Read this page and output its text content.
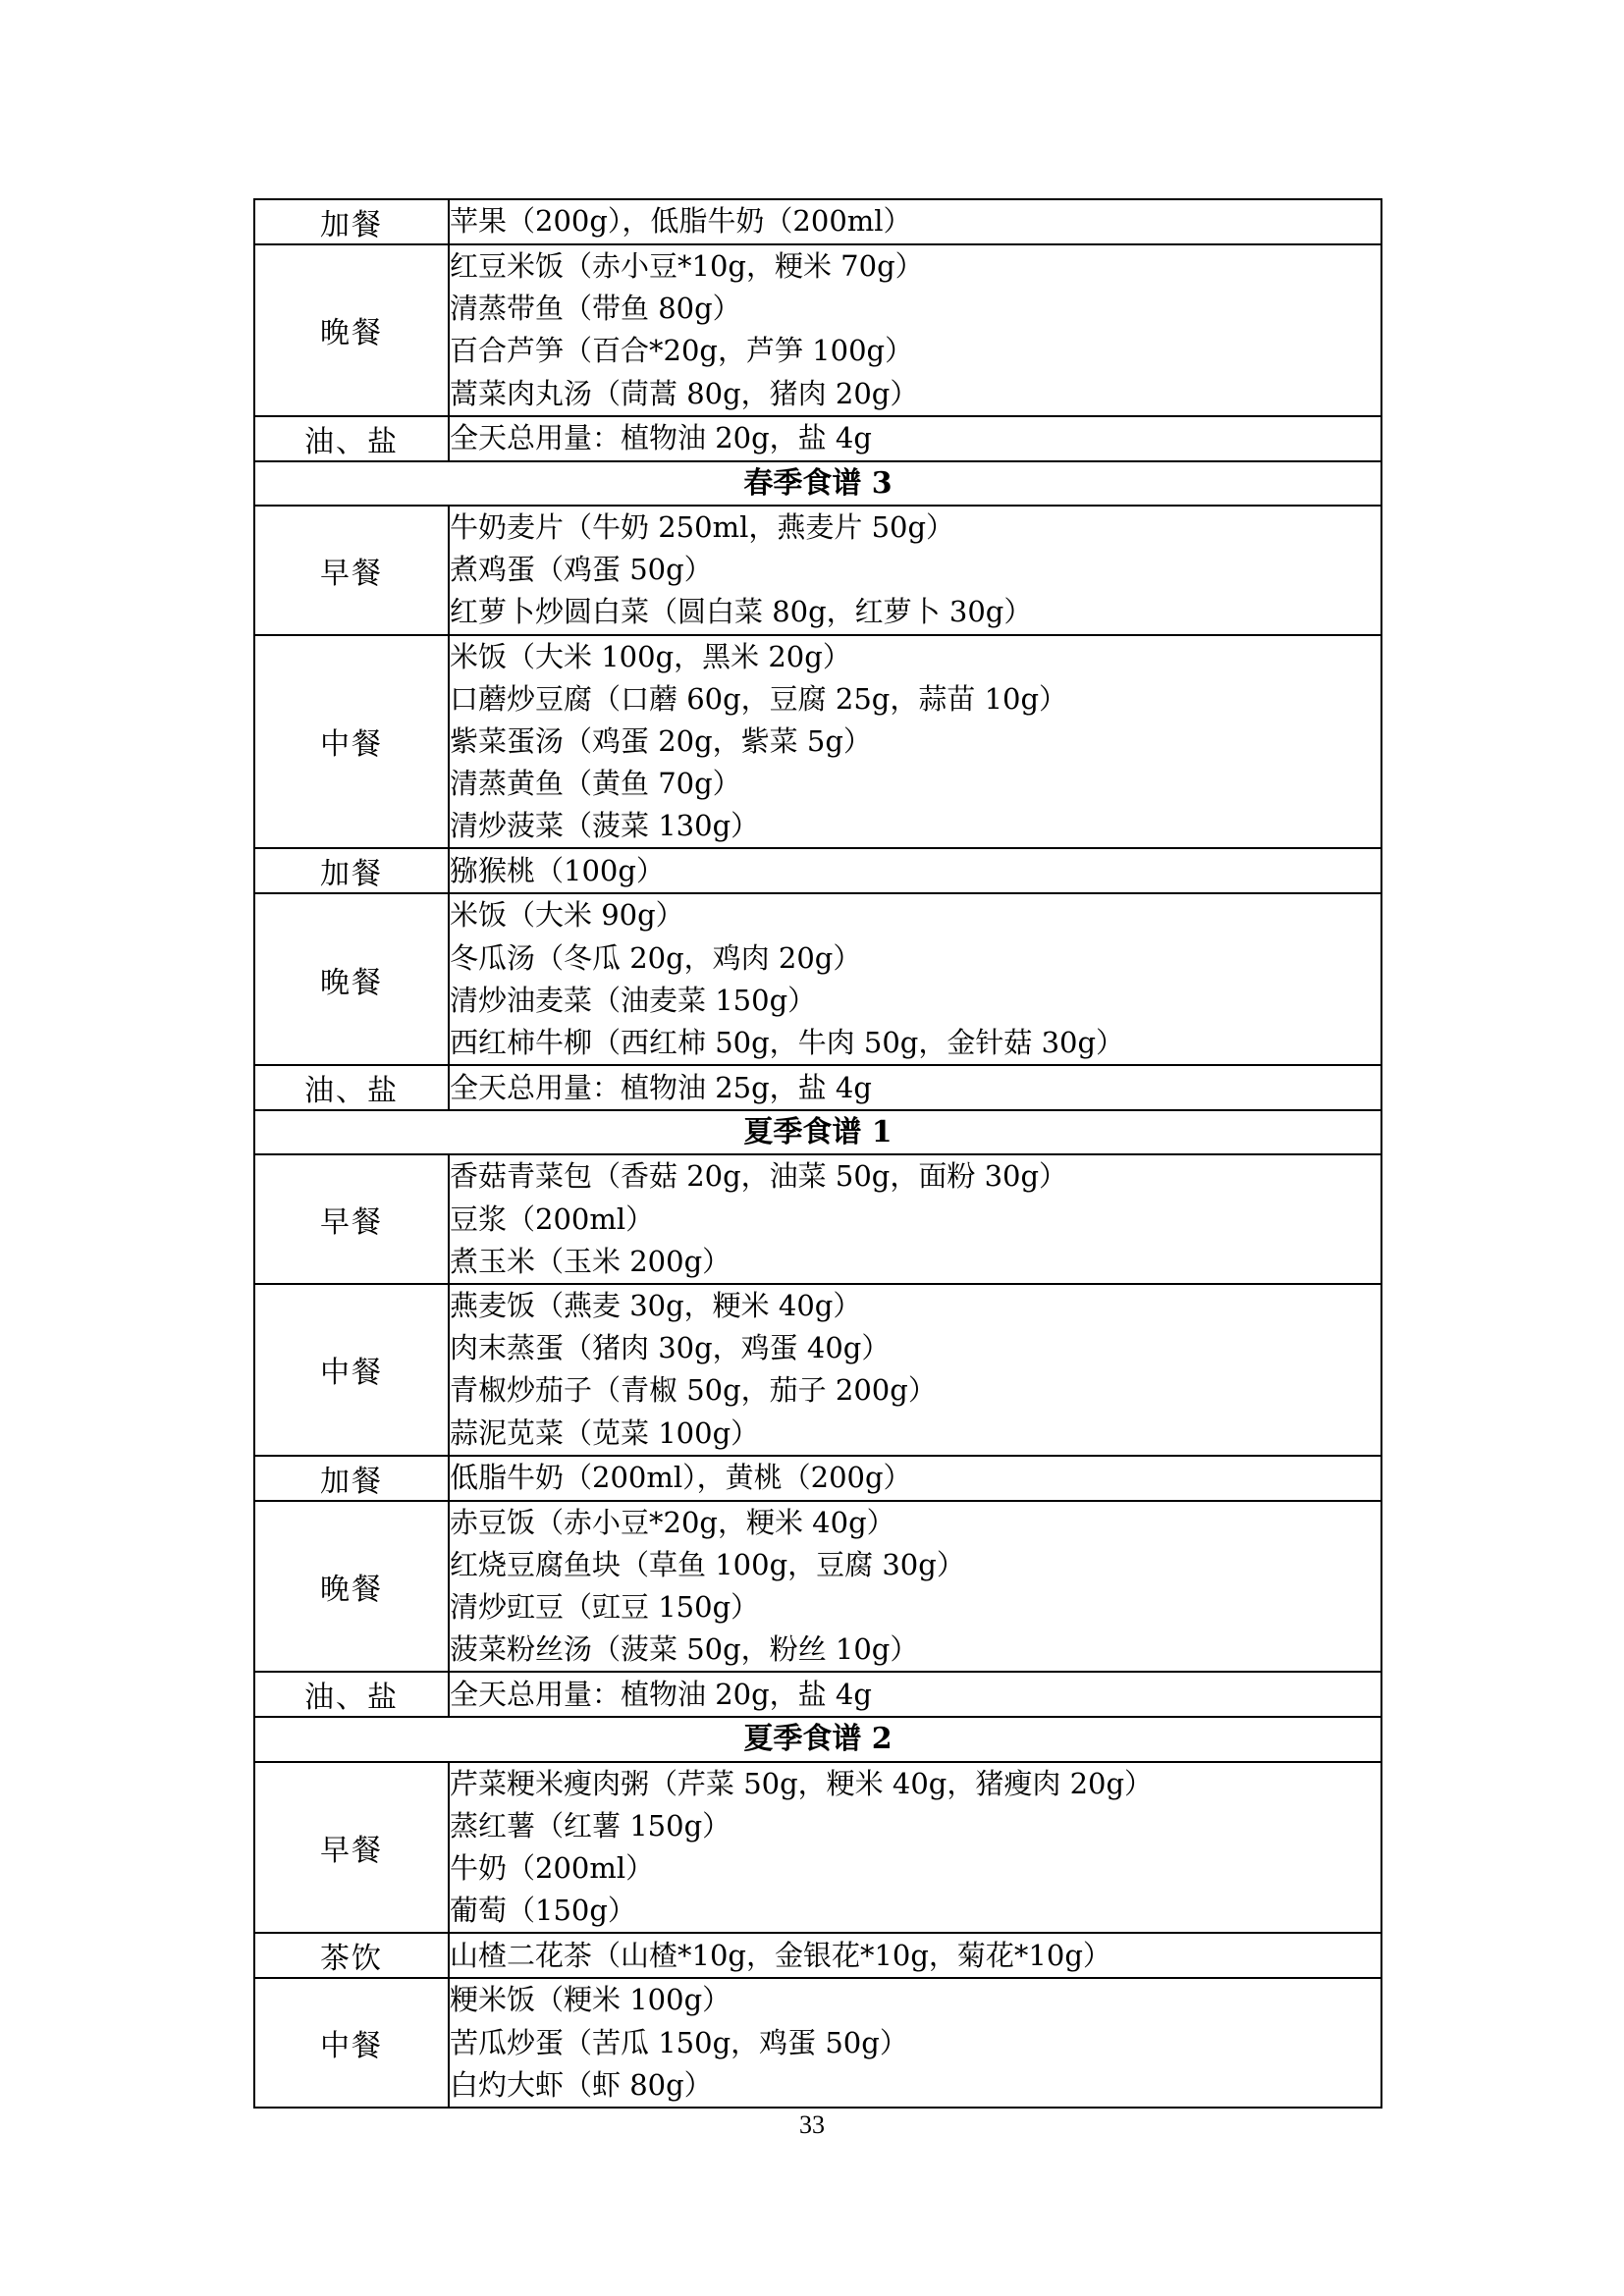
加餐	苹果（200g），低脂牛奶（200ml）

晚餐	红豆米饭（赤小豆*10g，粳米 70g）
清蒸带鱼（带鱼 80g）
百合芦笋（百合*20g，芦笋 100g）
蒿菜肉丸汤（茼蒿 80g，猪肉 20g）

油、盐	全天总用量：植物油 20g，盐 4g

春季食谱 3	
早餐	牛奶麦片（牛奶 250ml，燕麦片 50g）
煮鸡蛋（鸡蛋 50g）
红萝卜炒圆白菜（圆白菜 80g，红萝卜 30g）

中餐	米饭（大米 100g，黑米 20g）
口蘑炒豆腐（口蘑 60g，豆腐 25g，蒜苗 10g）
紫菜蛋汤（鸡蛋 20g，紫菜 5g）
清蒸黄鱼（黄鱼 70g）
清炒菠菜（菠菜 130g）

加餐	猕猴桃（100g）

晚餐	米饭（大米 90g）
冬瓜汤（冬瓜 20g，鸡肉 20g）
清炒油麦菜（油麦菜 150g）
西红柿牛柳（西红柿 50g，牛肉 50g，金针菇 30g）

油、盐	全天总用量：植物油 25g，盐 4g

夏季食谱 1	
早餐	香菇青菜包（香菇 20g，油菜 50g，面粉 30g）
豆浆（200ml）
煮玉米（玉米 200g）

中餐	燕麦饭（燕麦 30g，粳米 40g）
肉末蒸蛋（猪肉 30g，鸡蛋 40g）
青椒炒茄子（青椒 50g，茄子 200g）
蒜泥苋菜（苋菜 100g）

加餐	低脂牛奶（200ml），黄桃（200g）

晚餐	赤豆饭（赤小豆*20g，粳米 40g）
红烧豆腐鱼块（草鱼 100g，豆腐 30g）
清炒豇豆（豇豆 150g）
菠菜粉丝汤（菠菜 50g，粉丝 10g）

油、盐	全天总用量：植物油 20g，盐 4g

夏季食谱 2	
早餐	芹菜粳米瘦肉粥（芹菜 50g，粳米 40g，猪瘦肉 20g）
蒸红薯（红薯 150g）
牛奶（200ml）
葡萄（150g）

茶饮	山楂二花茶（山楂*10g，金银花*10g，菊花*10g）

中餐	粳米饭（粳米 100g）
苦瓜炒蛋（苦瓜 150g，鸡蛋 50g）
白灼大虾（虾 80g）
33
